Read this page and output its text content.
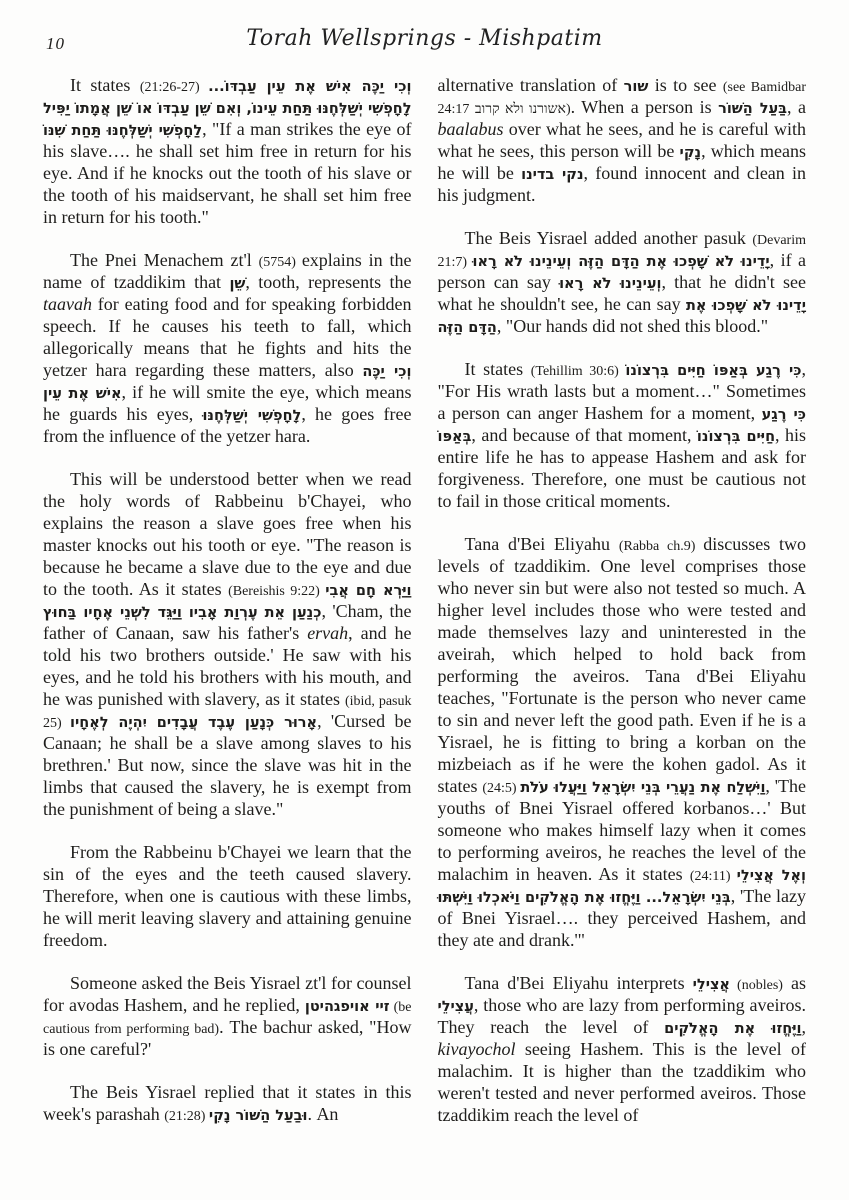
10	Torah Wellsprings - Mishpatim

It states (21:26-27) וְכִי יַכֶּה אִישׁ אֶת עֵין עַבְדּוֹ... לָחָפְשִׁי יְשַׁלְּחֶנּוּ תַּחַת עֵינוֹ, וְאִם שֵׁן עַבְדּוֹ אוֹ שֵׁן אֲמָתוֹ יַפִּיל לַחָפְשִׁי יְשַׁלְּחֶנּוּ תַּחַת שִׁנּוֹ, "If a man strikes the eye of his slave…. he shall set him free in return for his eye. And if he knocks out the tooth of his slave or the tooth of his maidservant, he shall set him free in return for his tooth."

The Pnei Menachem zt'l (5754) explains in the name of tzaddikim that שֵׁן, tooth, represents the taavah for eating food and for speaking forbidden speech. If he causes his teeth to fall, which allegorically means that he fights and hits the yetzer hara regarding these matters, also וְכִי יַכֶּה אִישׁ אֶת עֵין, if he will smite the eye, which means he guards his eyes, לָחָפְשִׁי יְשַׁלְּחֶנּוּ, he goes free from the influence of the yetzer hara.

This will be understood better when we read the holy words of Rabbeinu b'Chayei, who explains the reason a slave goes free when his master knocks out his tooth or eye. "The reason is because he became a slave due to the eye and due to the tooth. As it states (Bereishis 9:22) וַיַּרְא חָם אֲבִי כְנַעַן אֵת עֶרְוַת אָבִיו וַיַּגֵּד לִשְׁנֵי אֶחָיו בַּחוּץ, 'Cham, the father of Canaan, saw his father's ervah, and he told his two brothers outside.' He saw with his eyes, and he told his brothers with his mouth, and he was punished with slavery, as it states (ibid, pasuk 25) אָרוּר כְּנָעַן עֶבֶד עֲבָדִים יִהְיֶה לְאֶחָיו, 'Cursed be Canaan; he shall be a slave among slaves to his brethren.' But now, since the slave was hit in the limbs that caused the slavery, he is exempt from the punishment of being a slave."

From the Rabbeinu b'Chayei we learn that the sin of the eyes and the teeth caused slavery. Therefore, when one is cautious with these limbs, he will merit leaving slavery and attaining genuine freedom.

Someone asked the Beis Yisrael zt'l for counsel for avodas Hashem, and he replied, זיי אויפגהיטן (be cautious from performing bad). The bachur asked, "How is one careful?'

The Beis Yisrael replied that it states in this week's parashah (21:28) וּבַעַל הַשּׁוֹר נָקִי. An

alternative translation of שור is to see (see Bamidbar 24:17 אשורנו ולא קרוב). When a person is בַּעַל הַשּׁוֹר, a baalabus over what he sees, and he is careful with what he sees, this person will be נָקִי, which means he will be נקי בדינו, found innocent and clean in his judgment.

The Beis Yisrael added another pasuk (Devarim 21:7) יָדֵינוּ לֹא שָׁפְכוּ אֶת הַדָּם הַזֶּה וְעֵינֵינוּ לֹא רָאוּ, if a person can say וְעֵינֵינוּ לֹא רָאוּ, that he didn't see what he shouldn't see, he can say יָדֵינוּ לֹא שָׁפְכוּ אֶת הַדָּם הַזֶּה, "Our hands did not shed this blood."

It states (Tehillim 30:6) כִּי רֶגַע בְּאַפּוֹ חַיִּים בִּרְצוֹנוֹ, "For His wrath lasts but a moment…" Sometimes a person can anger Hashem for a moment, כִּי רֶגַע בְּאַפּוֹ, and because of that moment, חַיִּים בִּרְצוֹנוֹ, his entire life he has to appease Hashem and ask for forgiveness. Therefore, one must be cautious not to fail in those critical moments.

Tana d'Bei Eliyahu (Rabba ch.9) discusses two levels of tzaddikim. One level comprises those who never sin but were also not tested so much. A higher level includes those who were tested and made themselves lazy and uninterested in the aveirah, which helped to hold back from performing the aveiros. Tana d'Bei Eliyahu teaches, "Fortunate is the person who never came to sin and never left the good path. Even if he is a Yisrael, he is fitting to bring a korban on the mizbeiach as if he were the kohen gadol. As it states (24:5) וַיִּשְׁלַח אֶת נַעֲרֵי בְּנֵי יִשְׂרָאֵל וַיַּעֲלוּ עֹלֹת, 'The youths of Bnei Yisrael offered korbanos…' But someone who makes himself lazy when it comes to performing aveiros, he reaches the level of the malachim in heaven. As it states (24:11) וְאֶל אֲצִילֵי בְּנֵי יִשְׂרָאֵל... וַיֶּחֱזוּ אֶת הָאֱלֹקִים וַיֹּאכְלוּ וַיִּשְׁתּוּ, 'The lazy of Bnei Yisrael…. they perceived Hashem, and they ate and drank.'"

Tana d'Bei Eliyahu interprets אֲצִילֵי (nobles) as עֲצִילֵי, those who are lazy from performing aveiros. They reach the level of וַיֶּחֱזוּ אֶת הָאֱלֹקִים, kivayochol seeing Hashem. This is the level of malachim. It is higher than the tzaddikim who weren't tested and never performed aveiros. Those tzaddikim reach the level of
